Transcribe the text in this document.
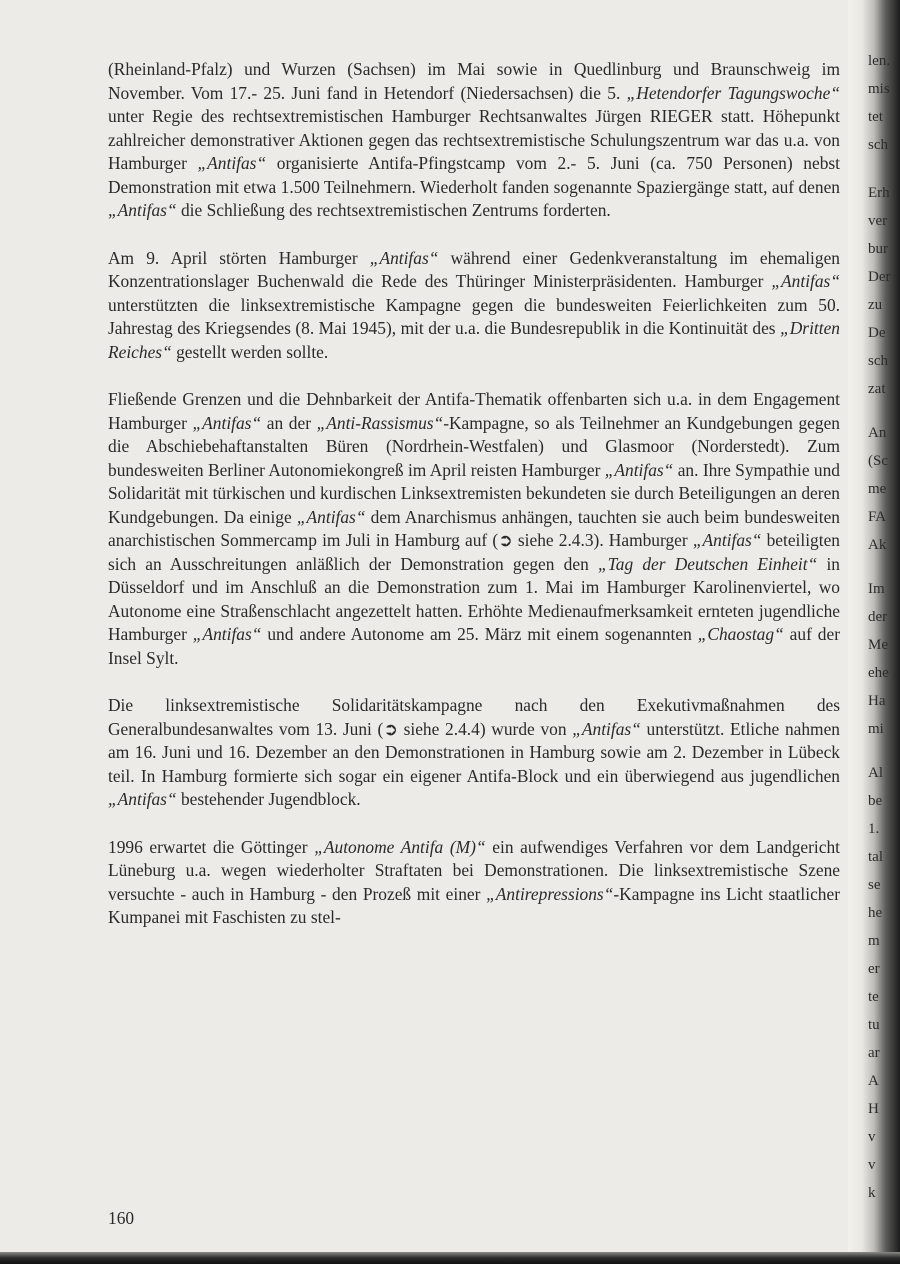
(Rheinland-Pfalz) und Wurzen (Sachsen) im Mai sowie in Quedlinburg und Braunschweig im November. Vom 17.- 25. Juni fand in Hetendorf (Niedersachsen) die 5. „Hetendorfer Tagungswoche“ unter Regie des rechtsextremistischen Hamburger Rechtsanwaltes Jürgen RIEGER statt. Höhepunkt zahlreicher demonstrativer Aktionen gegen das rechtsextremistische Schulungszentrum war das u.a. von Hamburger „Antifas“ organisierte Antifa-Pfingstcamp vom 2.- 5. Juni (ca. 750 Personen) nebst Demonstration mit etwa 1.500 Teilnehmern. Wiederholt fanden sogenannte Spaziergänge statt, auf denen „Antifas“ die Schließung des rechtsextremistischen Zentrums forderten.

Am 9. April störten Hamburger „Antifas“ während einer Gedenkveranstaltung im ehemaligen Konzentrationslager Buchenwald die Rede des Thüringer Ministerpräsidenten. Hamburger „Antifas“ unterstützten die linksextremistische Kampagne gegen die bundesweiten Feierlichkeiten zum 50. Jahrestag des Kriegsendes (8. Mai 1945), mit der u.a. die Bundesrepublik in die Kontinuität des „Dritten Reiches“ gestellt werden sollte.

Fließende Grenzen und die Dehnbarkeit der Antifa-Thematik offenbarten sich u.a. in dem Engagement Hamburger „Antifas“ an der „Anti-Rassismus“-Kampagne, so als Teilnehmer an Kundgebungen gegen die Abschiebehaftanstalten Büren (Nordrhein-Westfalen) und Glasmoor (Norderstedt). Zum bundesweiten Berliner Autonomiekongreß im April reisten Hamburger „Antifas“ an. Ihre Sympathie und Solidarität mit türkischen und kurdischen Linksextremisten bekundeten sie durch Beteiligungen an deren Kundgebungen. Da einige „Antifas“ dem Anarchismus anhängen, tauchten sie auch beim bundesweiten anarchistischen Sommercamp im Juli in Hamburg auf (➲ siehe 2.4.3). Hamburger „Antifas“ beteiligten sich an Ausschreitungen anläßlich der Demonstration gegen den „Tag der Deutschen Einheit“ in Düsseldorf und im Anschluß an die Demonstration zum 1. Mai im Hamburger Karolinenviertel, wo Autonome eine Straßenschlacht angezettelt hatten. Erhöhte Medienaufmerksamkeit ernteten jugendliche Hamburger „Antifas“ und andere Autonome am 25. März mit einem sogenannten „Chaostag“ auf der Insel Sylt.

Die linksextremistische Solidaritätskampagne nach den Exekutivmaßnahmen des Generalbundesanwaltes vom 13. Juni (➲ siehe 2.4.4) wurde von „Antifas“ unterstützt. Etliche nahmen am 16. Juni und 16. Dezember an den Demonstrationen in Hamburg sowie am 2. Dezember in Lübeck teil. In Hamburg formierte sich sogar ein eigener Antifa-Block und ein überwiegend aus jugendlichen „Antifas“ bestehender Jugendblock.

1996 erwartet die Göttinger „Autonome Antifa (M)“ ein aufwendiges Verfahren vor dem Landgericht Lüneburg u.a. wegen wiederholter Straftaten bei Demonstrationen. Die linksextremistische Szene versuchte - auch in Hamburg - den Prozeß mit einer „Antirepressions“-Kampagne ins Licht staatlicher Kumpanei mit Faschisten zu stel-

160
len.
mis
tet
sch
Erh
ver
bur
Der
zu
De
sch
zat
An
(Sc
me
FA
Ak
Im
der
Me
ehe
Ha
mi
Al
be
1.
tal
se
he
m
er
te
tu
ar
A
H
v
v
k
